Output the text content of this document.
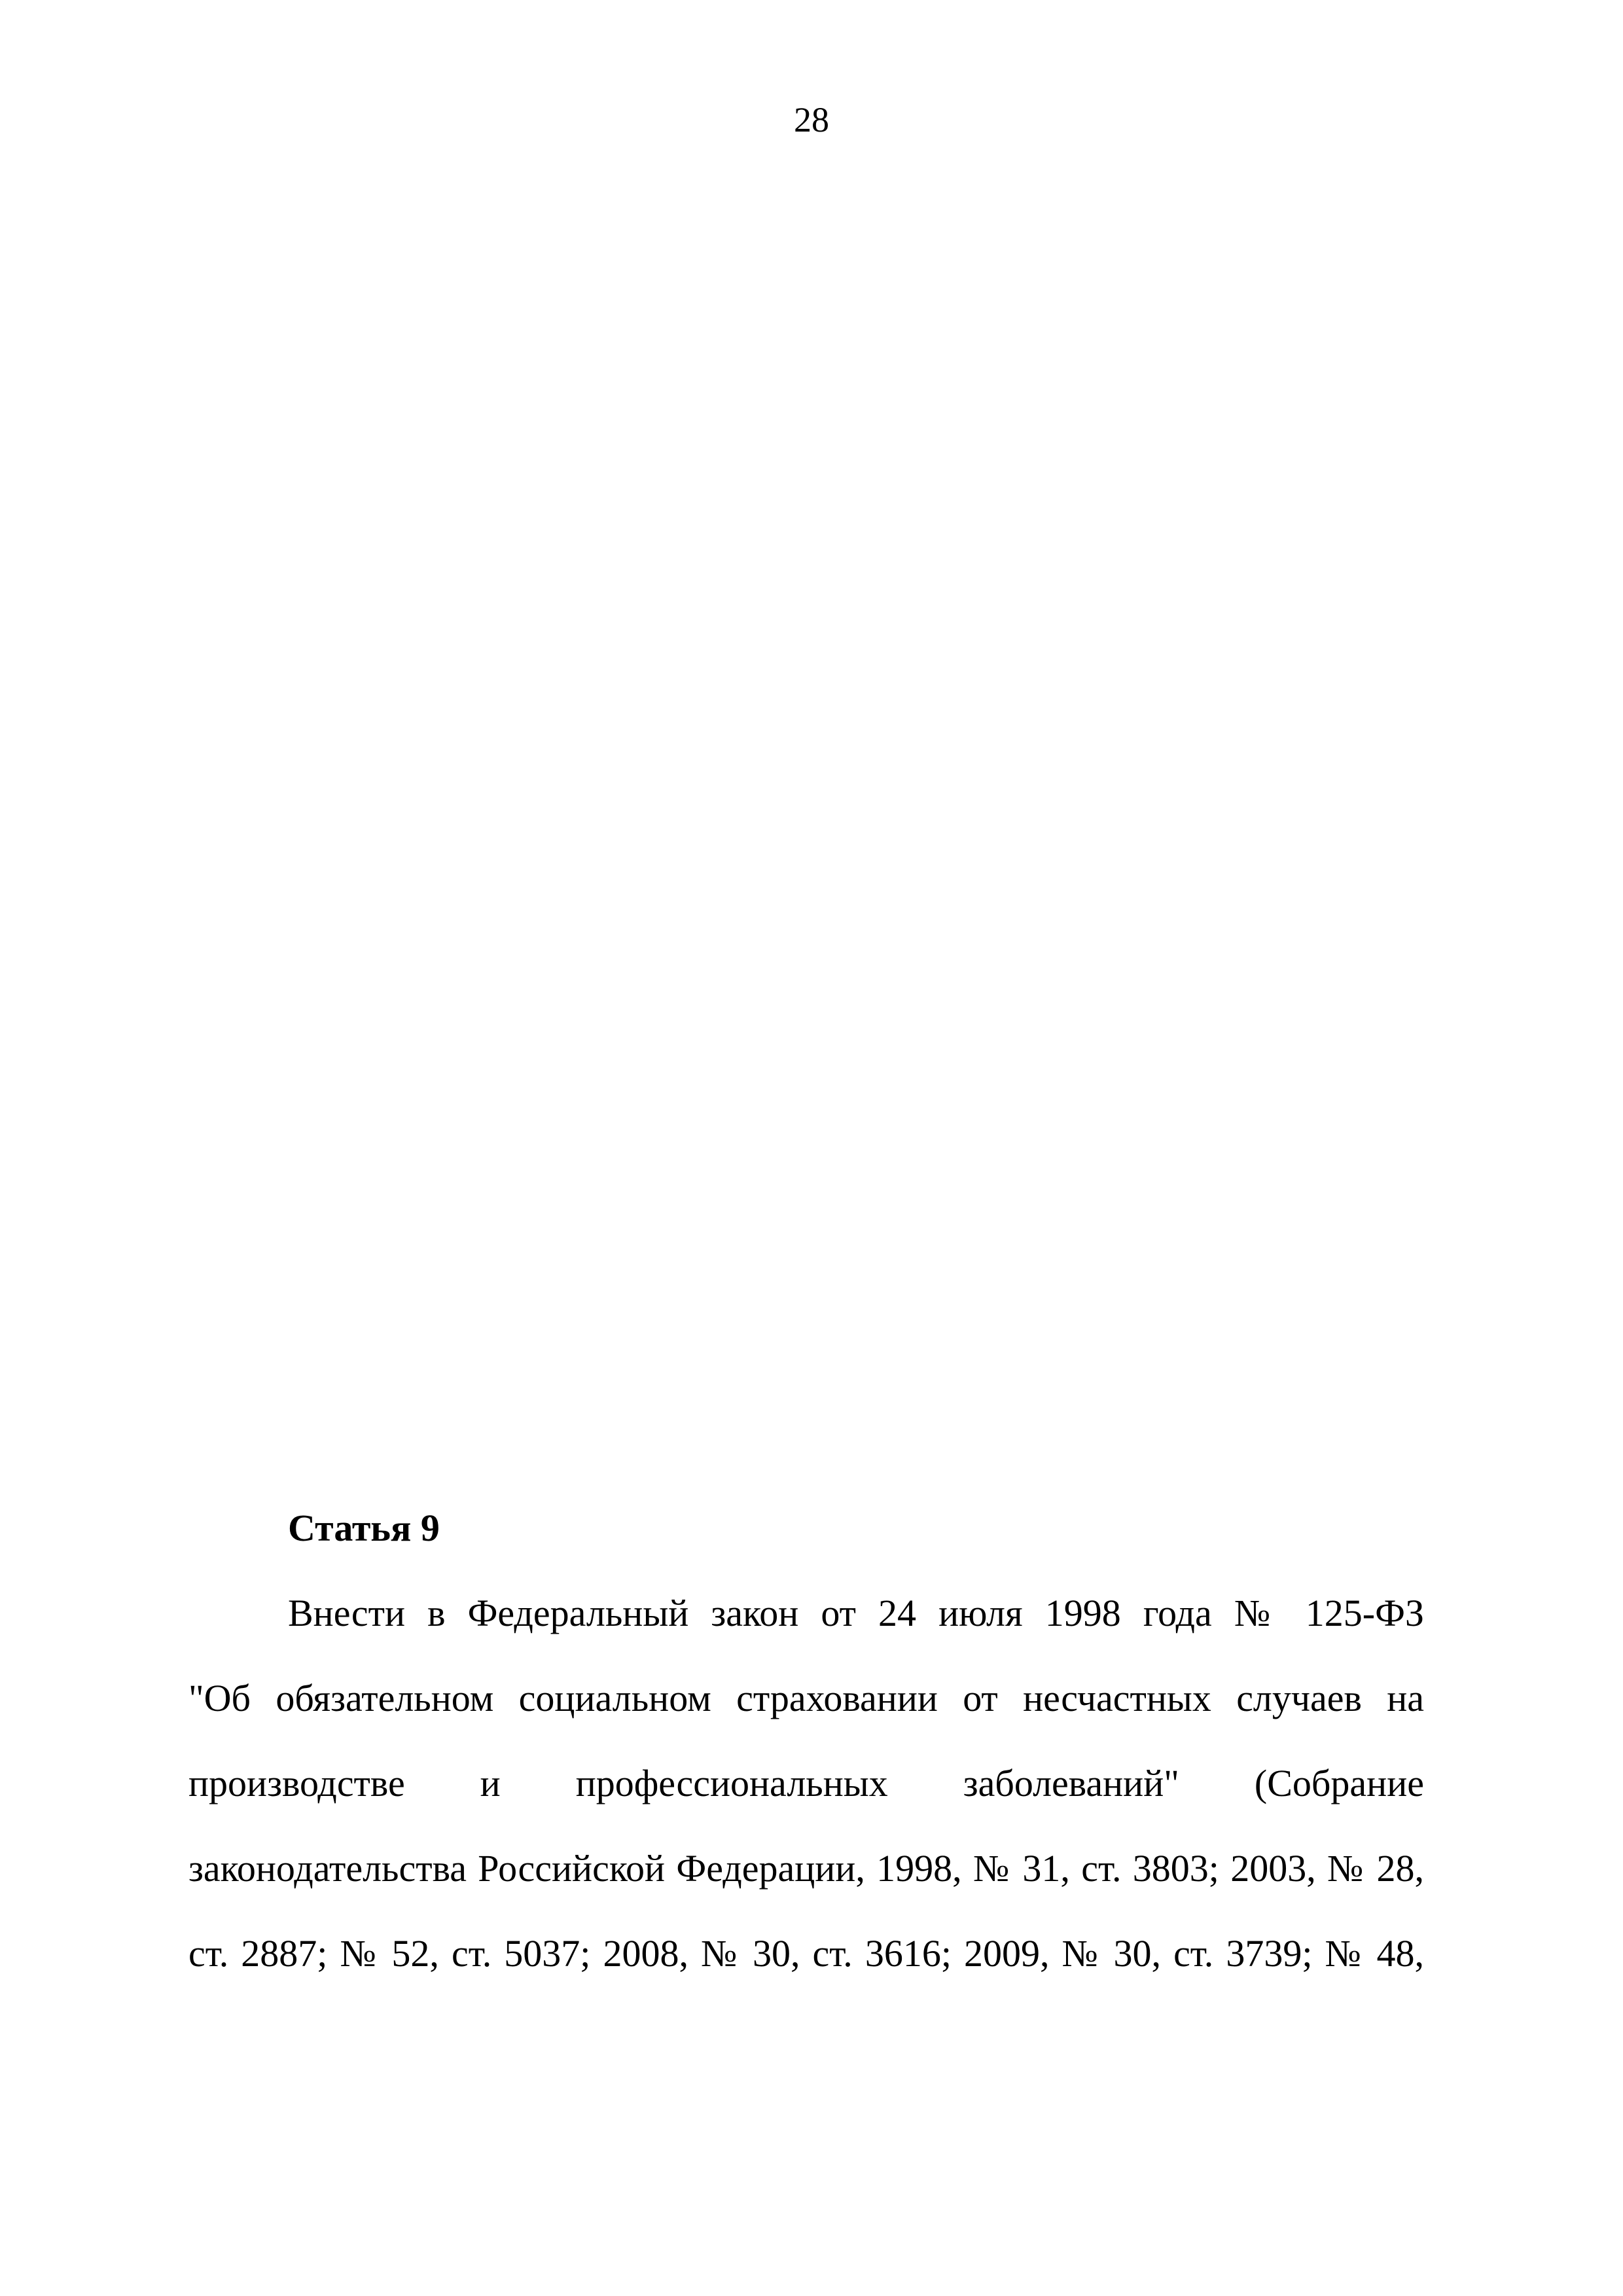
28
Статья 9
Внести в Федеральный закон от 24 июля 1998 года № 125-ФЗ
"Об обязательном социальном страховании от несчастных случаев на
производстве и профессиональных заболеваний" (Собрание
законодательства Российской Федерации, 1998, № 31, ст. 3803; 2003, № 28,
ст. 2887; № 52, ст. 5037; 2008, № 30, ст. 3616; 2009, № 30, ст. 3739; № 48,
